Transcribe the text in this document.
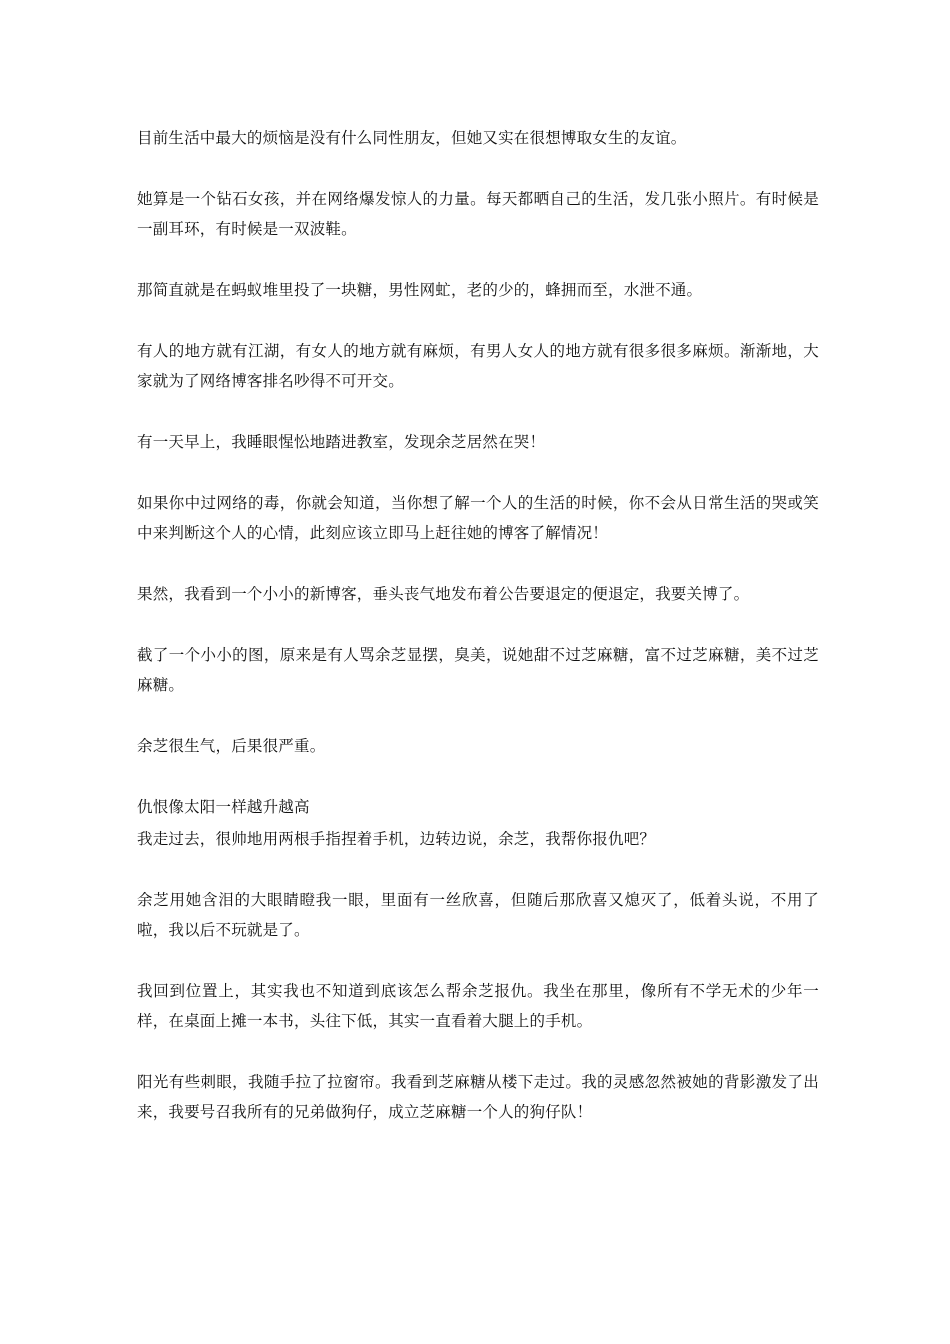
目前生活中最大的烦恼是没有什么同性朋友，但她又实在很想博取女生的友谊。

她算是一个钻石女孩，并在网络爆发惊人的力量。每天都晒自己的生活，发几张小照片。有时候是一副耳环，有时候是一双波鞋。

那简直就是在蚂蚁堆里投了一块糖，男性网虻，老的少的，蜂拥而至，水泄不通。

有人的地方就有江湖，有女人的地方就有麻烦，有男人女人的地方就有很多很多麻烦。渐渐地，大家就为了网络博客排名吵得不可开交。

有一天早上，我睡眼惺忪地踏进教室，发现余芝居然在哭！

如果你中过网络的毒，你就会知道，当你想了解一个人的生活的时候，你不会从日常生活的哭或笑中来判断这个人的心情，此刻应该立即马上赶往她的博客了解情况！

果然，我看到一个小小的新博客，垂头丧气地发布着公告要退定的便退定，我要关博了。

截了一个小小的图，原来是有人骂余芝显摆，臭美，说她甜不过芝麻糖，富不过芝麻糖，美不过芝麻糖。

余芝很生气，后果很严重。

仇恨像太阳一样越升越高

我走过去，很帅地用两根手指捏着手机，边转边说，余芝，我帮你报仇吧？

余芝用她含泪的大眼睛瞪我一眼，里面有一丝欣喜，但随后那欣喜又熄灭了，低着头说，不用了啦，我以后不玩就是了。

我回到位置上，其实我也不知道到底该怎么帮余芝报仇。我坐在那里，像所有不学无术的少年一样，在桌面上摊一本书，头往下低，其实一直看着大腿上的手机。

阳光有些刺眼，我随手拉了拉窗帘。我看到芝麻糖从楼下走过。我的灵感忽然被她的背影激发了出来，我要号召我所有的兄弟做狗仔，成立芝麻糖一个人的狗仔队！
